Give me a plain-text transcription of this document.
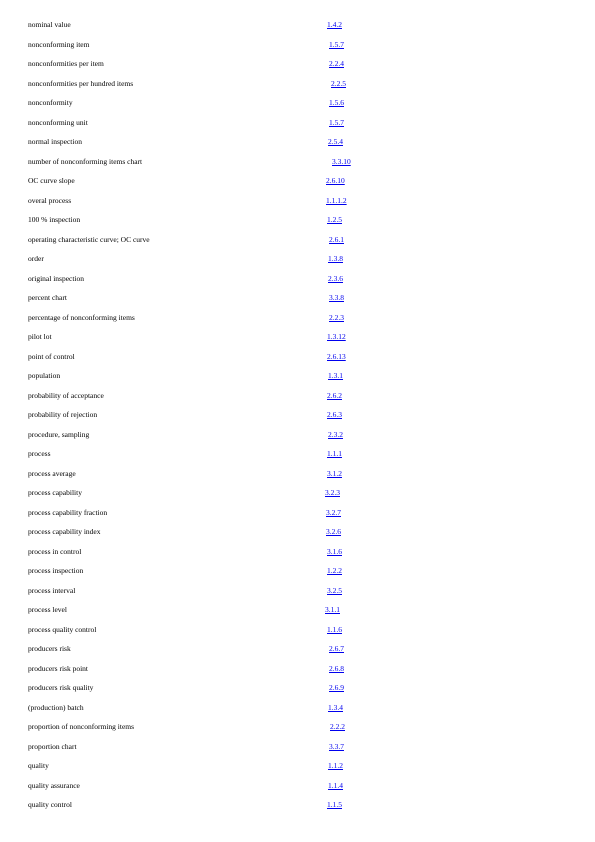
nominal value	1.4.2
nonconforming item	1.5.7
nonconformities per item	2.2.4
nonconformities per hundred items	2.2.5
nonconformity	1.5.6
nonconforming unit	1.5.7
normal inspection	2.5.4
number of nonconforming items chart	3.3.10
OC curve slope	2.6.10
overal process	1.1.1.2
100 % inspection	1.2.5
operating characteristic curve; OC curve	2.6.1
order	1.3.8
original inspection	2.3.6
percent chart	3.3.8
percentage of nonconforming items	2.2.3
pilot lot	1.3.12
point of control	2.6.13
population	1.3.1
probability of acceptance	2.6.2
probability of rejection	2.6.3
procedure, sampling	2.3.2
process	1.1.1
process average	3.1.2
process capability	3.2.3
process capability fraction	3.2.7
process capability index	3.2.6
process in control	3.1.6
process inspection	1.2.2
process interval	3.2.5
process level	3.1.1
process quality control	1.1.6
producers risk	2.6.7
producers risk point	2.6.8
producers risk quality	2.6.9
(production) batch	1.3.4
proportion of nonconforming items	2.2.2
proportion chart	3.3.7
quality	1.1.2
quality assurance	1.1.4
quality control	1.1.5
